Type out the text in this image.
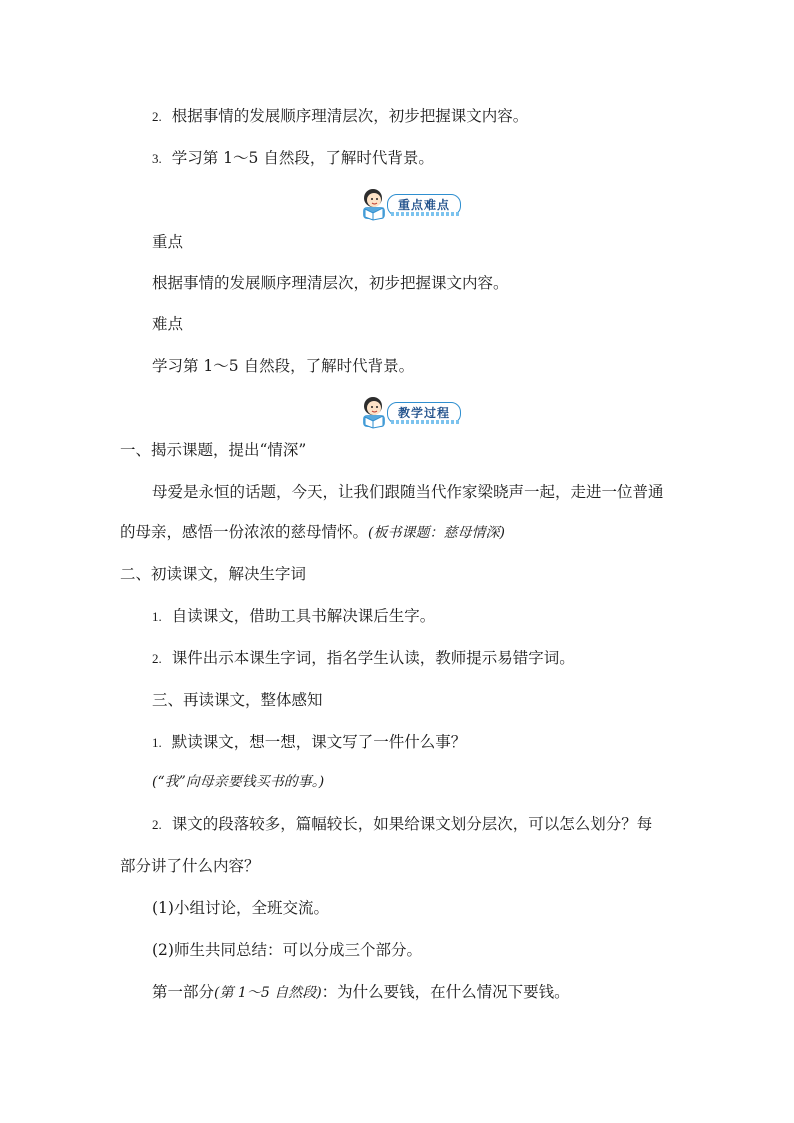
2. 根据事情的发展顺序理清层次，初步把握课文内容。
3. 学习第 1～5 自然段，了解时代背景。
重点难点
重点
根据事情的发展顺序理清层次，初步把握课文内容。
难点
学习第 1～5 自然段，了解时代背景。
教学过程
一、揭示课题，提出“情深”
母爱是永恒的话题，今天，让我们跟随当代作家梁晓声一起，走进一位普通
的母亲，感悟一份浓浓的慈母情怀。(板书课题：慈母情深)
二、初读课文，解决生字词
1. 自读课文，借助工具书解决课后生字。
2. 课件出示本课生字词，指名学生认读，教师提示易错字词。
三、再读课文，整体感知
1. 默读课文，想一想，课文写了一件什么事？
(“我”向母亲要钱买书的事。)
2. 课文的段落较多，篇幅较长，如果给课文划分层次，可以怎么划分？每
部分讲了什么内容？
(1)小组讨论，全班交流。
(2)师生共同总结：可以分成三个部分。
第一部分(第 1～5 自然段)：为什么要钱，在什么情况下要钱。
